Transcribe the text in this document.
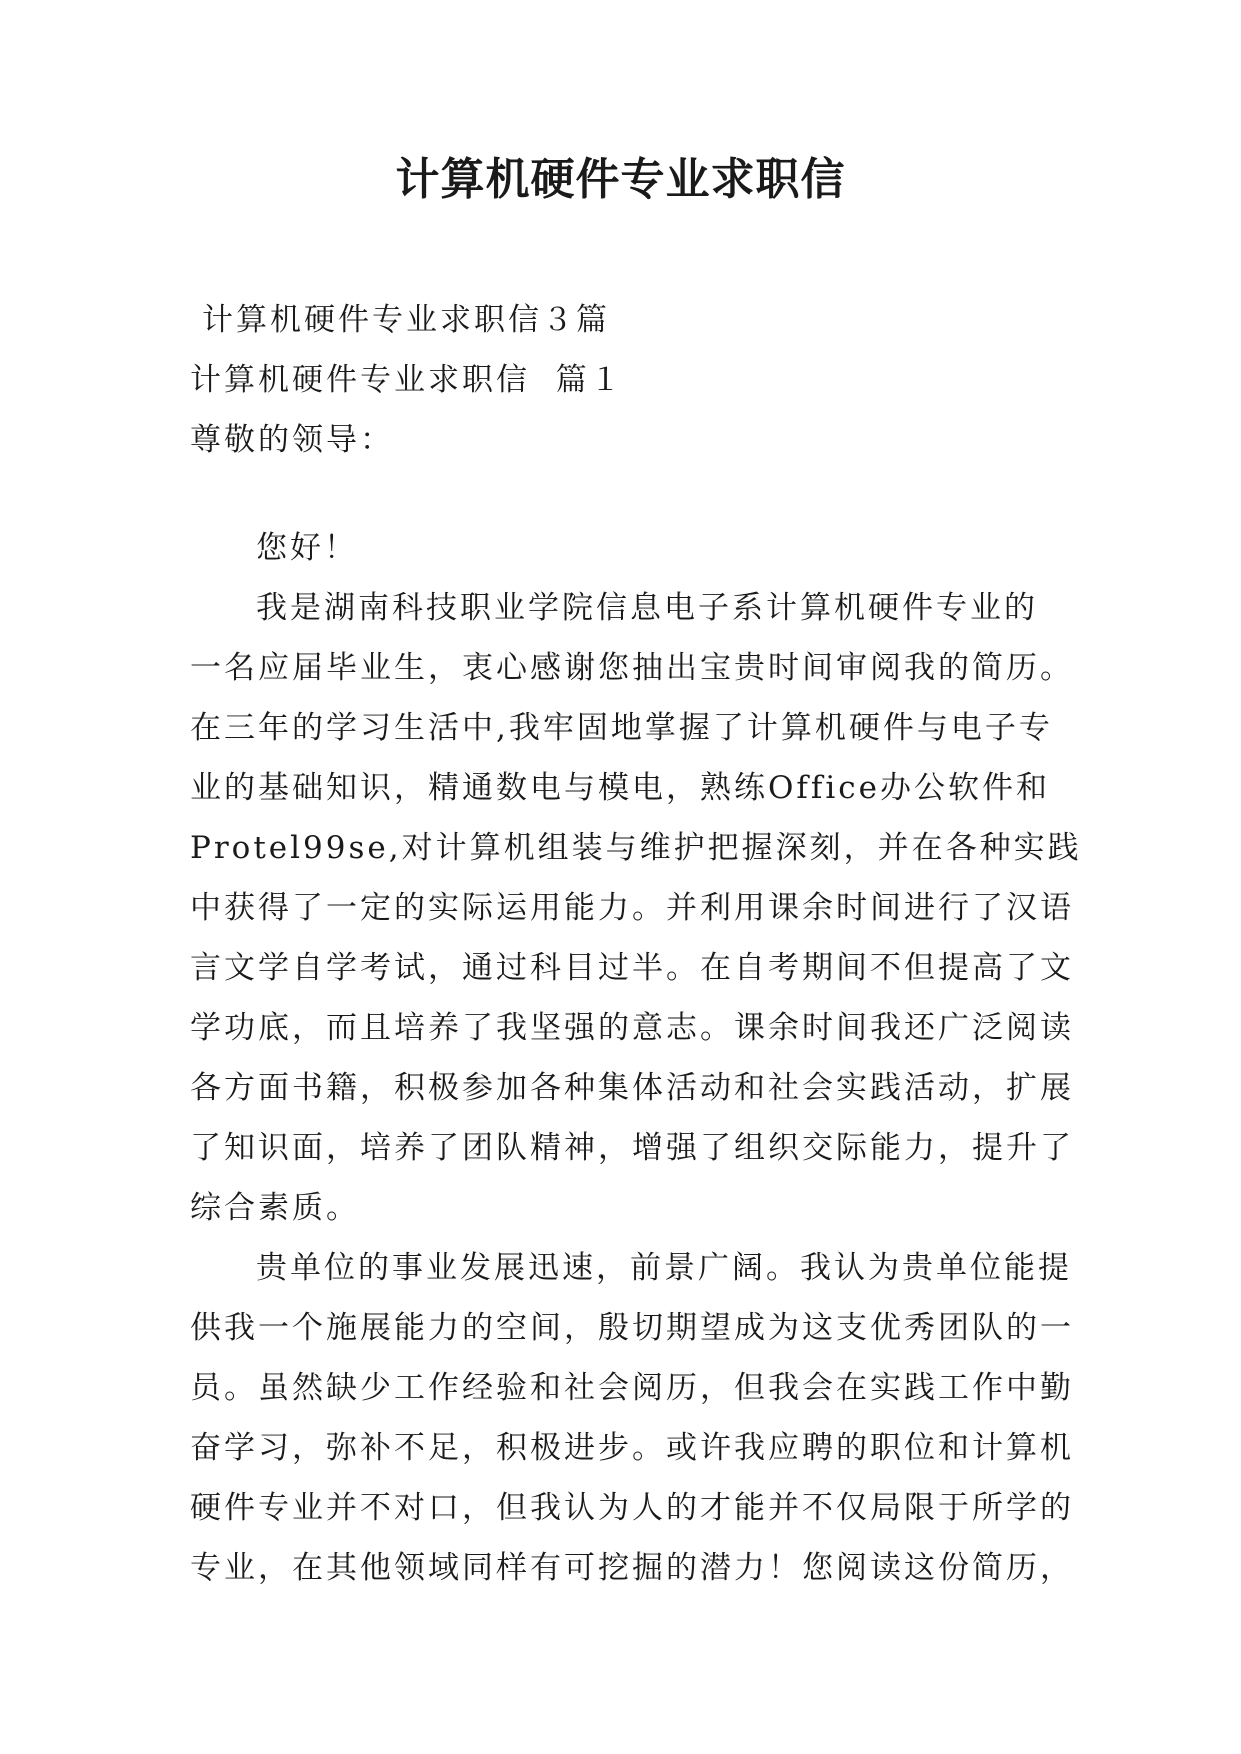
计算机硬件专业求职信
计算机硬件专业求职信３篇
计算机硬件专业求职信  篇１
尊敬的领导：
您好！
我是湖南科技职业学院信息电子系计算机硬件专业的
一名应届毕业生，衷心感谢您抽出宝贵时间审阅我的简历。
在三年的学习生活中,我牢固地掌握了计算机硬件与电子专
业的基础知识，精通数电与模电，熟练Office办公软件和
Protel99se,对计算机组装与维护把握深刻，并在各种实践
中获得了一定的实际运用能力。并利用课余时间进行了汉语
言文学自学考试，通过科目过半。在自考期间不但提高了文
学功底，而且培养了我坚强的意志。课余时间我还广泛阅读
各方面书籍，积极参加各种集体活动和社会实践活动，扩展
了知识面，培养了团队精神，增强了组织交际能力，提升了
综合素质。
贵单位的事业发展迅速，前景广阔。我认为贵单位能提
供我一个施展能力的空间，殷切期望成为这支优秀团队的一
员。虽然缺少工作经验和社会阅历，但我会在实践工作中勤
奋学习，弥补不足，积极进步。或许我应聘的职位和计算机
硬件专业并不对口，但我认为人的才能并不仅局限于所学的
专业，在其他领域同样有可挖掘的潜力！您阅读这份简历，
